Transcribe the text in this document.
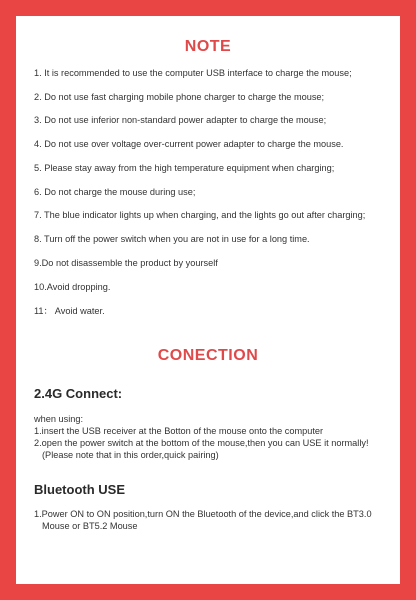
NOTE
1. It is recommended to use the computer USB interface to charge the mouse;
2. Do not use fast charging mobile phone charger to charge the mouse;
3. Do not use inferior non-standard power adapter to charge the mouse;
4. Do not use over voltage over-current power adapter to charge the mouse.
5. Please stay away from the high temperature equipment when charging;
6. Do not charge the mouse during use;
7. The blue indicator lights up when charging, and the lights go out after charging;
8. Turn off the power switch when you are not in use for a long time.
9.Do not disassemble the product by yourself
10.Avoid dropping.
11： Avoid water.
CONECTION
2.4G Connect:
when using:
1.insert the USB receiver at the Botton of the mouse onto the computer
2.open the power switch at the bottom of the mouse,then you can USE it normally!
(Please note that in this order,quick pairing)
Bluetooth USE
1.Power ON to ON position,turn ON the Bluetooth of the device,and click the BT3.0
Mouse or BT5.2 Mouse
